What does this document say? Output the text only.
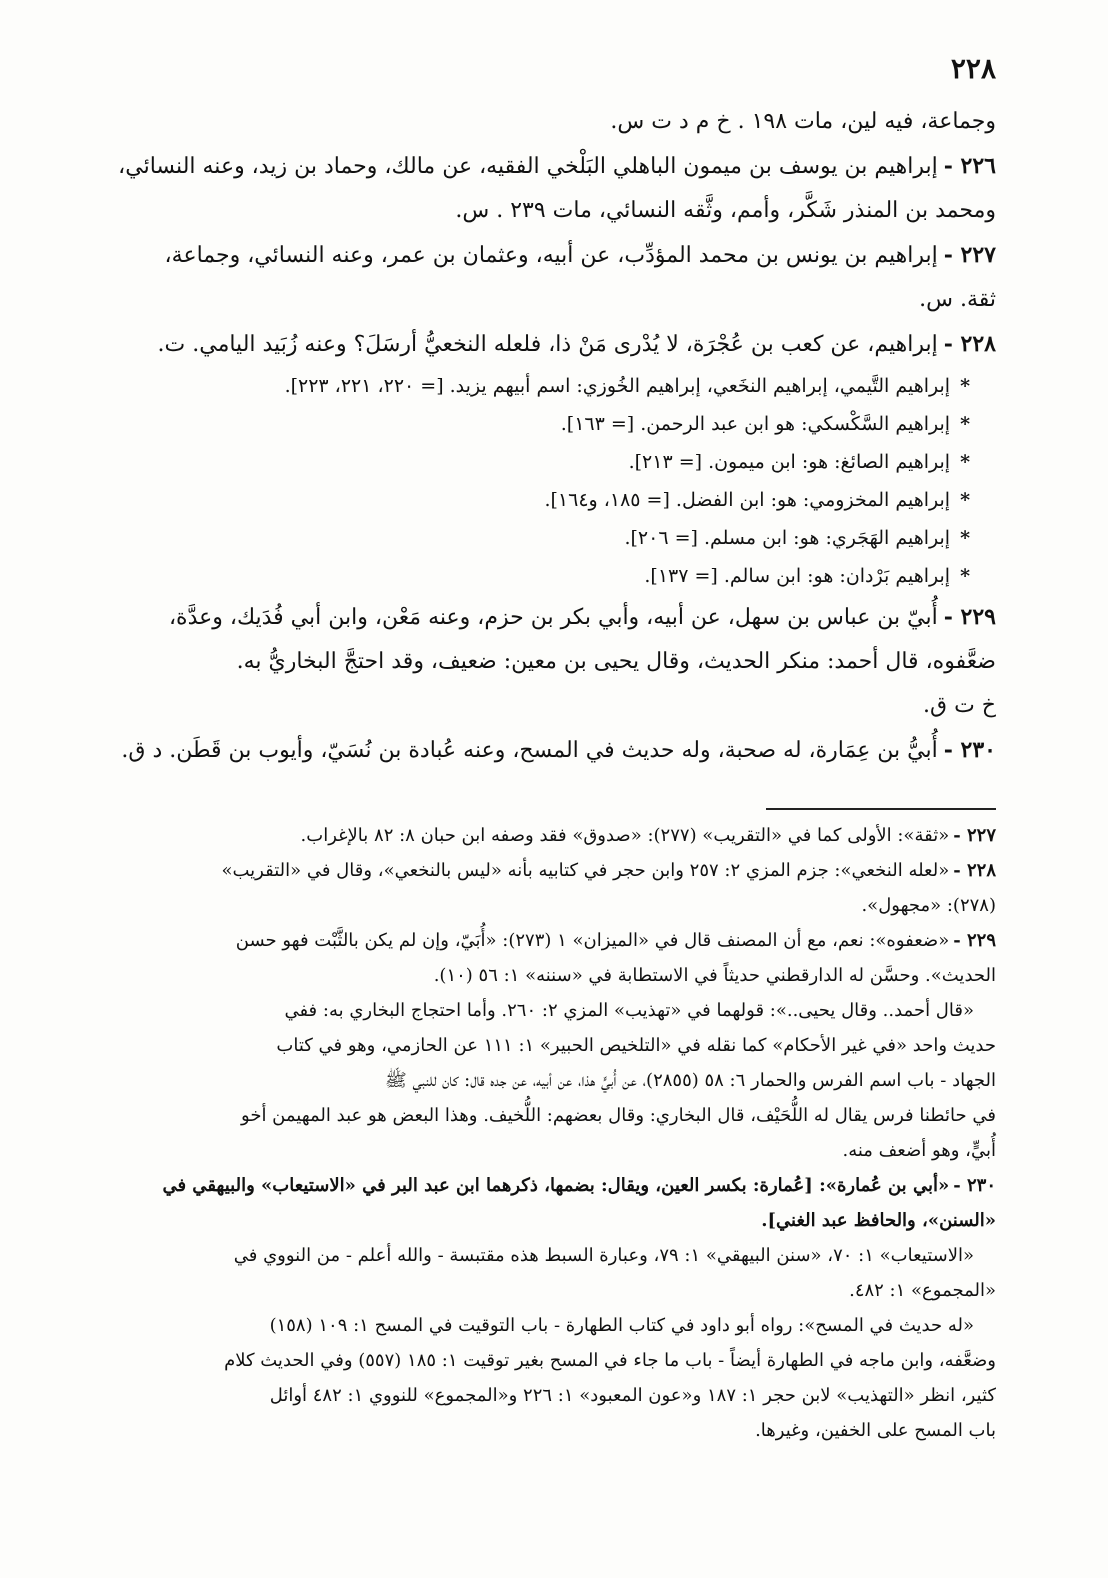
٢٢٨

وجماعة، فيه لين، مات ١٩٨ . خ م د ت س.

٢٢٦ -إبراهيم بن يوسف بن ميمون الباهلي البَلْخي الفقيه، عن مالك، وحماد بن زيد، وعنه النسائي،

ومحمد بن المنذر شَكَّر، وأمم، وثَّقه النسائي، مات ٢٣٩ . س.

٢٢٧ -إبراهيم بن يونس بن محمد المؤدِّب، عن أبيه، وعثمان بن عمر، وعنه النسائي، وجماعة،

ثقة. س.

٢٢٨ -إبراهيم، عن كعب بن عُجْرَة، لا يُدْرى مَنْ ذا، فلعله النخعيُّ أرسَلَ؟ وعنه زُبَيد اليامي. ت.

*إبراهيم التَّيمي، إبراهيم النخَعي، إبراهيم الخُوزي: اسم أبيهم يزيد. [= ٢٢٠، ٢٢١، ٢٢٣].

*إبراهيم السَّكْسكي: هو ابن عبد الرحمن. [= ١٦٣].

*إبراهيم الصائغ: هو: ابن ميمون. [= ٢١٣].

*إبراهيم المخزومي: هو: ابن الفضل. [= ١٨٥، و١٦٤].

*إبراهيم الهَجَري: هو: ابن مسلم. [= ٢٠٦].

*إبراهيم بَرْدان: هو: ابن سالم. [= ١٣٧].

٢٢٩ -أُبيّ بن عباس بن سهل، عن أبيه، وأبي بكر بن حزم، وعنه مَعْن، وابن أبي فُدَيك، وعدَّة،

ضعَّفوه، قال أحمد: منكر الحديث، وقال يحيى بن معين: ضعيف، وقد احتجَّ البخاريُّ به.

خ ت ق.

٢٣٠ -أُبيُّ بن عِمَارة، له صحبة، وله حديث في المسح، وعنه عُبادة بن نُسَيّ، وأيوب بن قَطَن. د ق.

٢٢٧ -«ثقة»: الأولى كما في «التقريب» (٢٧٧): «صدوق» فقد وصفه ابن حبان ٨: ٨٢ بالإغراب.

٢٢٨ -«لعله النخعي»: جزم المزي ٢: ٢٥٧ وابن حجر في كتابيه بأنه «ليس بالنخعي»، وقال في «التقريب»

(٢٧٨): «مجهول».

٢٢٩ -«ضعفوه»: نعم، مع أن المصنف قال في «الميزان» ١ (٢٧٣): «أُبَيّ، وإن لم يكن بالثَّبْت فهو حسن

الحديث». وحسَّن له الدارقطني حديثاً في الاستطابة في «سننه» ١: ٥٦ (١٠).

«قال أحمد.. وقال يحيى..»: قولهما في «تهذيب» المزي ٢: ٢٦٠. وأما احتجاج البخاري به: ففي

حديث واحد «في غير الأحكام» كما نقله في «التلخيص الحبير» ١: ١١١ عن الحازمي، وهو في كتاب

الجهاد - باب اسم الفرس والحمار ٦: ٥٨ (٢٨٥٥)، عن أُبيٍّ هذا، عن أبيه، عن جده قال: كان للنبي ﷺ

في حائطنا فرس يقال له اللُّحَيْف، قال البخاري: وقال بعضهم: اللُّخيف. وهذا البعض هو عبد المهيمن أخو

أُبيٍّ، وهو أضعف منه.

٢٣٠ -«أبي بن عُمارة»: [عُمارة: بكسر العين، ويقال: بضمها، ذكرهما ابن عبد البر في «الاستيعاب» والبيهقي في

«السنن»، والحافظ عبد الغني].

«الاستيعاب» ١: ٧٠، «سنن البيهقي» ١: ٧٩، وعبارة السبط هذه مقتبسة - والله أعلم - من النووي في

«المجموع» ١: ٤٨٢.

«له حديث في المسح»: رواه أبو داود في كتاب الطهارة - باب التوقيت في المسح ١: ١٠٩ (١٥٨)

وضعَّفه، وابن ماجه في الطهارة أيضاً - باب ما جاء في المسح بغير توقيت ١: ١٨٥ (٥٥٧) وفي الحديث كلام

كثير، انظر «التهذيب» لابن حجر ١: ١٨٧ و«عون المعبود» ١: ٢٢٦ و«المجموع» للنووي ١: ٤٨٢ أوائل

باب المسح على الخفين، وغيرها.
